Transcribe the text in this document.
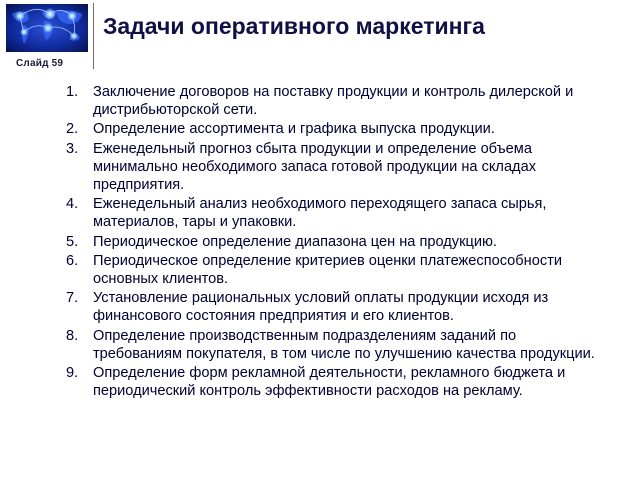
Слайд 59
Задачи оперативного маркетинга
1.	Заключение договоров на поставку продукции и контроль дилерской и дистрибьюторской сети.
2.	Определение ассортимента и графика выпуска продукции.
3.	Еженедельный прогноз сбыта продукции и определение объема минимально необходимого запаса готовой продукции на складах предприятия.
4.	Еженедельный анализ необходимого переходящего запаса сырья, материалов, тары и упаковки.
5.	Периодическое определение диапазона цен на продукцию.
6.	Периодическое определение критериев оценки платежеспособности основных клиентов.
7.	Установление рациональных условий оплаты продукции исходя из финансового состояния предприятия и его клиентов.
8.	Определение производственным подразделениям заданий по требованиям покупателя, в том числе по улучшению качества продукции.
9.	Определение форм рекламной деятельности, рекламного бюджета и периодический контроль эффективности расходов на рекламу.
